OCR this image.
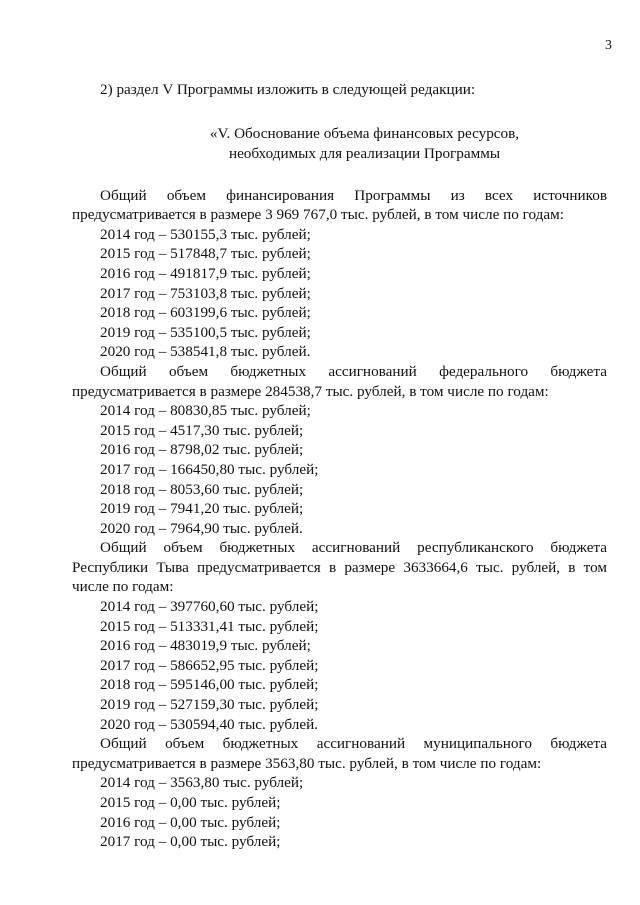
3

2) раздел V Программы изложить в следующей редакции:

«V. Обоснование объема финансовых ресурсов,
необходимых для реализации Программы

Общий объем финансирования Программы из всех источников предусматривается в размере 3 969 767,0 тыс. рублей, в том числе по годам:

2014 год – 530155,3 тыс. рублей;
2015 год – 517848,7 тыс. рублей;
2016 год – 491817,9 тыс. рублей;
2017 год – 753103,8 тыс. рублей;
2018 год – 603199,6 тыс. рублей;
2019 год – 535100,5 тыс. рублей;
2020 год – 538541,8 тыс. рублей.

Общий объем бюджетных ассигнований федерального бюджета предусматривается в размере 284538,7 тыс. рублей, в том числе по годам:

2014 год – 80830,85 тыс. рублей;
2015 год – 4517,30 тыс. рублей;
2016 год – 8798,02 тыс. рублей;
2017 год – 166450,80 тыс. рублей;
2018 год – 8053,60 тыс. рублей;
2019 год – 7941,20 тыс. рублей;
2020 год – 7964,90 тыс. рублей.

Общий объем бюджетных ассигнований республиканского бюджета Республики Тыва предусматривается в размере 3633664,6 тыс. рублей, в том числе по годам:

2014 год – 397760,60 тыс. рублей;
2015 год – 513331,41 тыс. рублей;
2016 год – 483019,9 тыс. рублей;
2017 год – 586652,95 тыс. рублей;
2018 год – 595146,00 тыс. рублей;
2019 год – 527159,30 тыс. рублей;
2020 год – 530594,40 тыс. рублей.

Общий объем бюджетных ассигнований муниципального бюджета предусматривается в размере 3563,80 тыс. рублей, в том числе по годам:

2014 год – 3563,80 тыс. рублей;
2015 год – 0,00 тыс. рублей;
2016 год – 0,00 тыс. рублей;
2017 год – 0,00 тыс. рублей;
